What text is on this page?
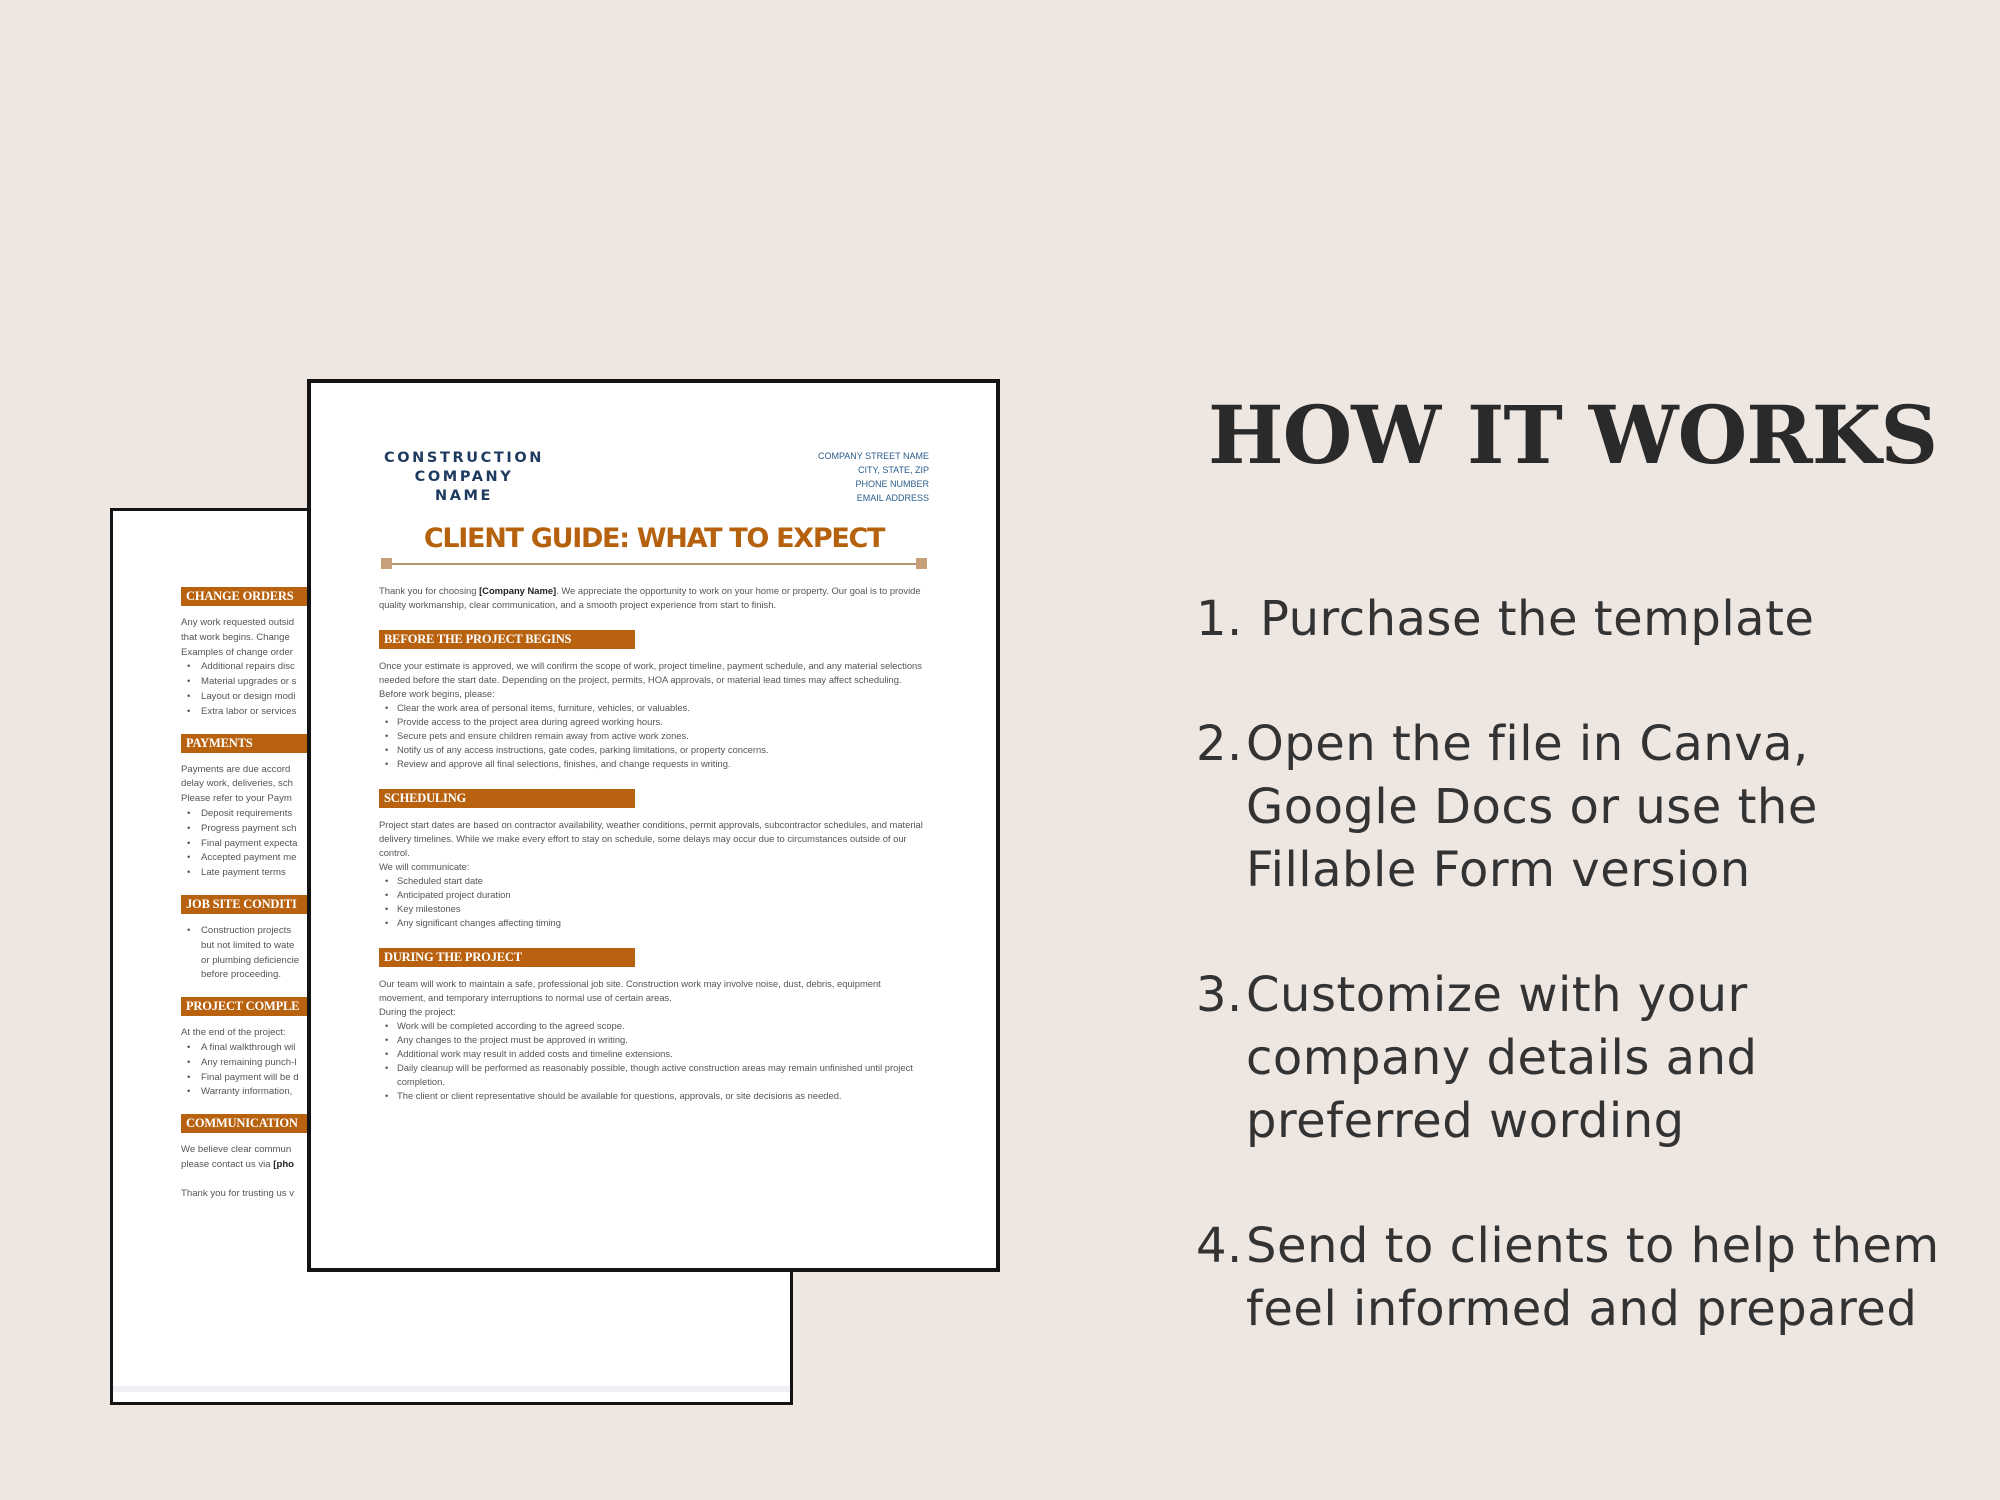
CHANGE ORDERS
Any work requested outsid
that work begins. Change
Examples of change order
• Additional repairs disc
• Material upgrades or s
• Layout or design modi
• Extra labor or services
PAYMENTS
Payments are due accord
delay work, deliveries, sch
Please refer to your Paym
• Deposit requirements
• Progress payment sch
• Final payment expecta
• Accepted payment me
• Late payment terms
JOB SITE CONDITI
• Construction projects
but not limited to wate
or plumbing deficiencie
before proceeding.
PROJECT COMPLE
At the end of the project:
• A final walkthrough wil
• Any remaining punch-l
• Final payment will be d
• Warranty information,
COMMUNICATION
We believe clear commun
please contact us via [pho
Thank you for trusting us v
CONSTRUCTION
COMPANY
NAME
COMPANY STREET NAME
CITY, STATE, ZIP
PHONE NUMBER
EMAIL ADDRESS
CLIENT GUIDE: WHAT TO EXPECT
Thank you for choosing [Company Name]. We appreciate the opportunity to work on your home or property. Our goal is to provide quality workmanship, clear communication, and a smooth project experience from start to finish.
BEFORE THE PROJECT BEGINS
Once your estimate is approved, we will confirm the scope of work, project timeline, payment schedule, and any material selections needed before the start date. Depending on the project, permits, HOA approvals, or material lead times may affect scheduling.
Before work begins, please:
• Clear the work area of personal items, furniture, vehicles, or valuables.
• Provide access to the project area during agreed working hours.
• Secure pets and ensure children remain away from active work zones.
• Notify us of any access instructions, gate codes, parking limitations, or property concerns.
• Review and approve all final selections, finishes, and change requests in writing.
SCHEDULING
Project start dates are based on contractor availability, weather conditions, permit approvals, subcontractor schedules, and material delivery timelines. While we make every effort to stay on schedule, some delays may occur due to circumstances outside of our control.
We will communicate:
• Scheduled start date
• Anticipated project duration
• Key milestones
• Any significant changes affecting timing
DURING THE PROJECT
Our team will work to maintain a safe, professional job site. Construction work may involve noise, dust, debris, equipment movement, and temporary interruptions to normal use of certain areas.
During the project:
• Work will be completed according to the agreed scope.
• Any changes to the project must be approved in writing.
• Additional work may result in added costs and timeline extensions.
• Daily cleanup will be performed as reasonably possible, though active construction areas may remain unfinished until project completion.
• The client or client representative should be available for questions, approvals, or site decisions as needed.
HOW IT WORKS
1. Purchase the template
2. Open the file in Canva, Google Docs or use the Fillable Form version
3. Customize with your company details and preferred wording
4. Send to clients to help them feel informed and prepared
